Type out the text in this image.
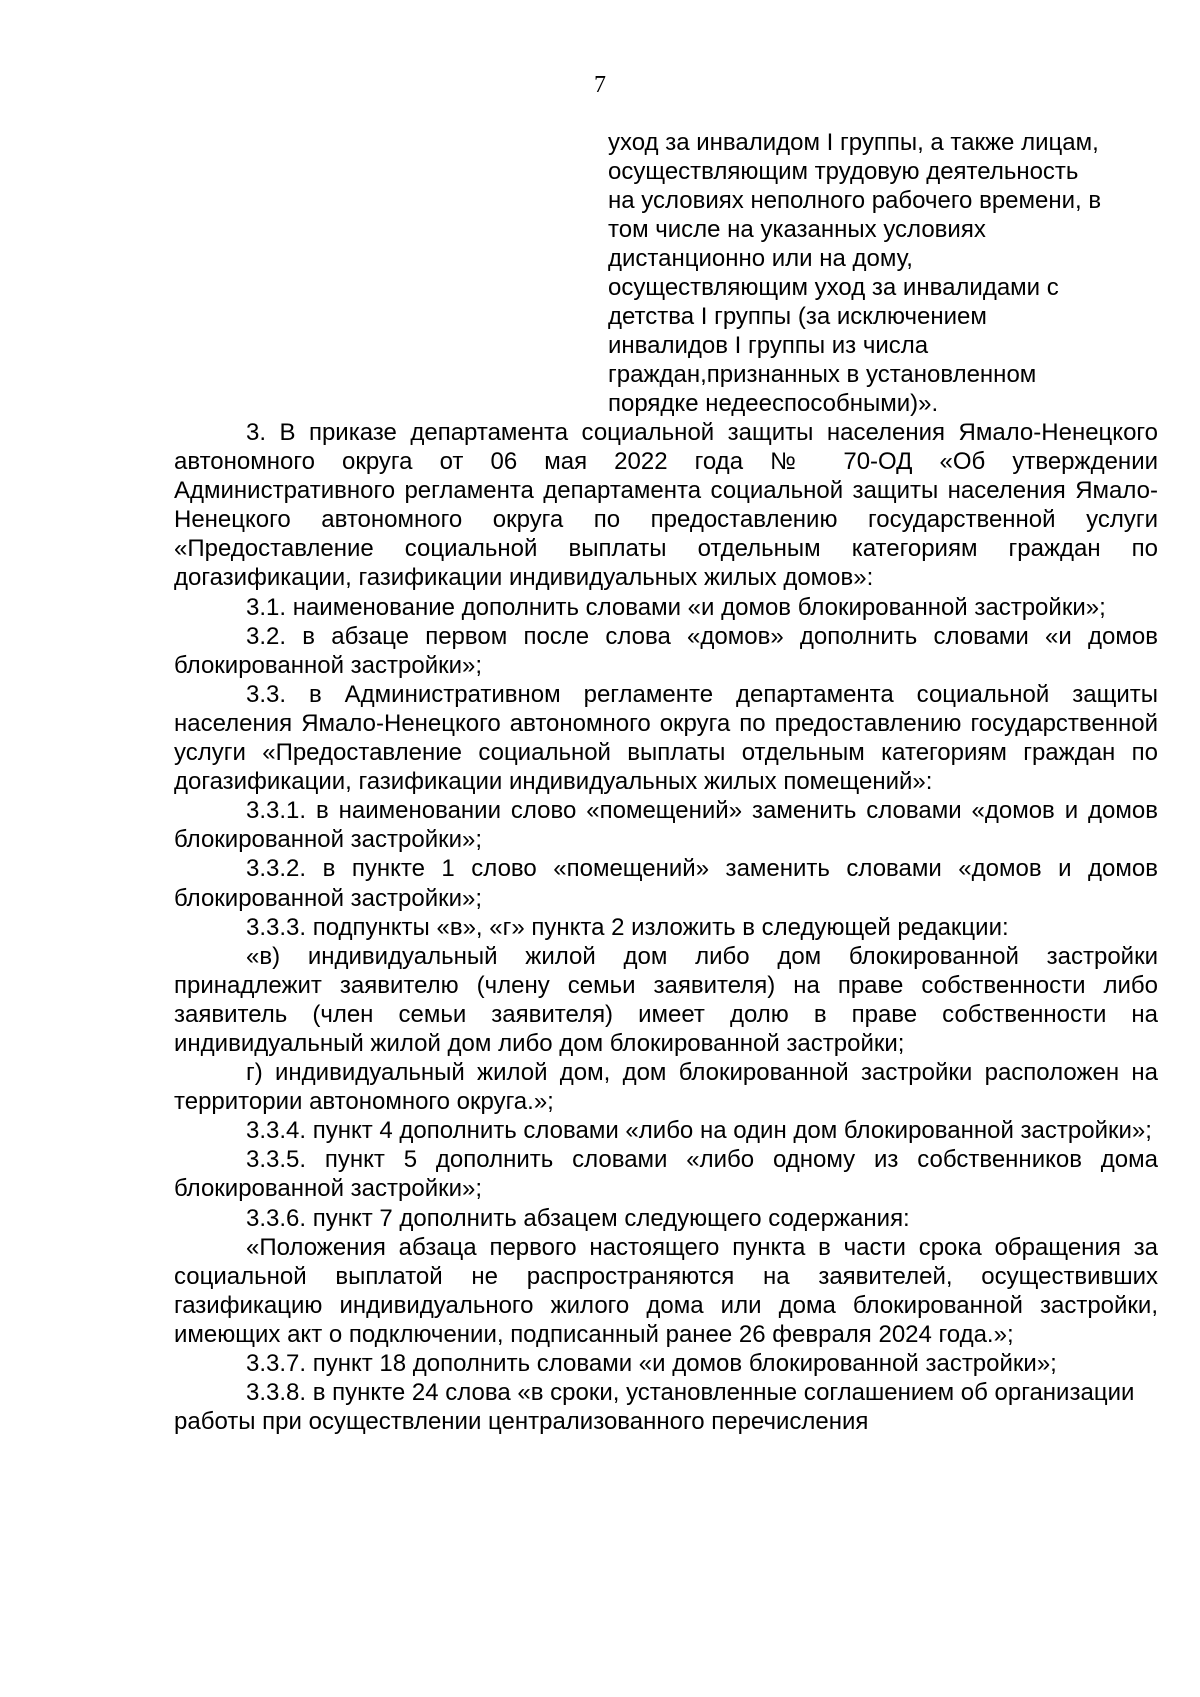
7
уход за инвалидом I группы, а также лицам,
осуществляющим трудовую деятельность
на условиях неполного рабочего времени, в
том числе на указанных условиях
дистанционно или на дому,
осуществляющим уход за инвалидами с
детства I группы (за исключением
инвалидов I группы из числа
граждан,признанных в установленном
порядке недееспособными)».

3. В приказе департамента социальной защиты населения Ямало-Ненецкого автономного округа от 06 мая 2022 года № 70-ОД «Об утверждении Административного регламента департамента социальной защиты населения Ямало-Ненецкого автономного округа по предоставлению государственной услуги «Предоставление социальной выплаты отдельным категориям граждан по догазификации, газификации индивидуальных жилых домов»:

3.1. наименование дополнить словами «и домов блокированной застройки»;

3.2. в абзаце первом после слова «домов» дополнить словами «и домов блокированной застройки»;

3.3. в Административном регламенте департамента социальной защиты населения Ямало-Ненецкого автономного округа по предоставлению государственной услуги «Предоставление социальной выплаты отдельным категориям граждан по догазификации, газификации индивидуальных жилых помещений»:

3.3.1. в наименовании слово «помещений» заменить словами «домов и домов блокированной застройки»;

3.3.2. в пункте 1 слово «помещений» заменить словами «домов и домов блокированной застройки»;

3.3.3. подпункты «в», «г» пункта 2 изложить в следующей редакции:

«в) индивидуальный жилой дом либо дом блокированной застройки принадлежит заявителю (члену семьи заявителя) на праве собственности либо заявитель (член семьи заявителя) имеет долю в праве собственности на индивидуальный жилой дом либо дом блокированной застройки;

г) индивидуальный жилой дом, дом блокированной застройки расположен на территории автономного округа.»;

3.3.4. пункт 4 дополнить словами «либо на один дом блокированной застройки»;

3.3.5. пункт 5 дополнить словами «либо одному из собственников дома блокированной застройки»;

3.3.6. пункт 7 дополнить абзацем следующего содержания:

«Положения абзаца первого настоящего пункта в части срока обращения за социальной выплатой не распространяются на заявителей, осуществивших газификацию индивидуального жилого дома или дома блокированной застройки, имеющих акт о подключении, подписанный ранее 26 февраля 2024 года.»;

3.3.7. пункт 18 дополнить словами «и домов блокированной застройки»;

3.3.8. в пункте 24 слова «в сроки, установленные соглашением об организации работы при осуществлении централизованного перечисления
